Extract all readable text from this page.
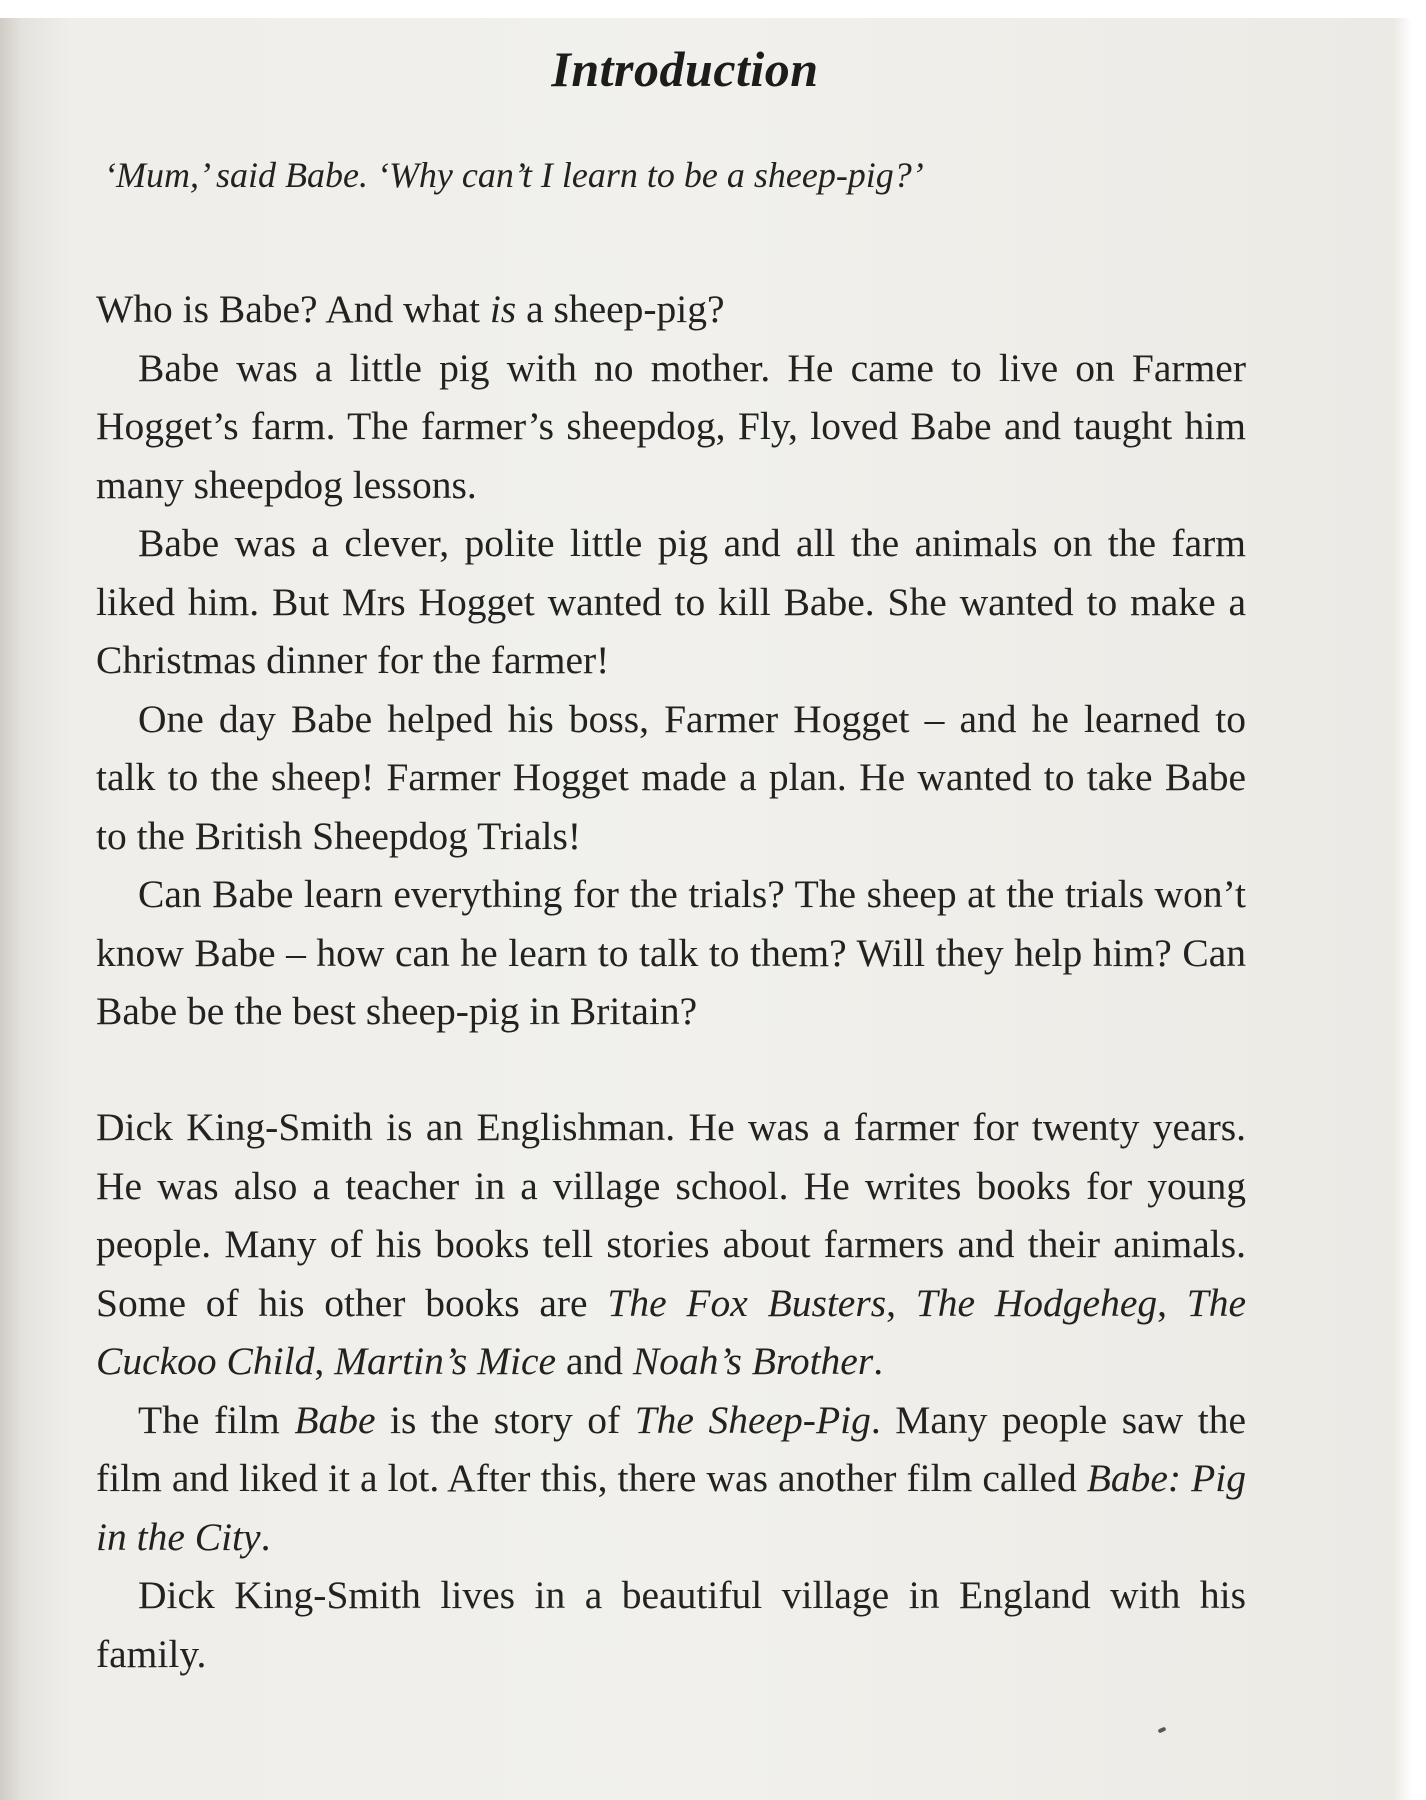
Introduction

‘Mum,’ said Babe. ‘Why can’t I learn to be a sheep-pig?’

Who is Babe? And what is a sheep-pig?

Babe was a little pig with no mother. He came to live on Farmer Hogget’s farm. The farmer’s sheepdog, Fly, loved Babe and taught him many sheepdog lessons.

Babe was a clever, polite little pig and all the animals on the farm liked him. But Mrs Hogget wanted to kill Babe. She wanted to make a Christmas dinner for the farmer!

One day Babe helped his boss, Farmer Hogget – and he learned to talk to the sheep! Farmer Hogget made a plan. He wanted to take Babe to the British Sheepdog Trials!

Can Babe learn everything for the trials? The sheep at the trials won’t know Babe – how can he learn to talk to them? Will they help him? Can Babe be the best sheep-pig in Britain?

Dick King-Smith is an Englishman. He was a farmer for twenty years. He was also a teacher in a village school. He writes books for young people. Many of his books tell stories about farmers and their animals. Some of his other books are The Fox Busters, The Hodgeheg, The Cuckoo Child, Martin’s Mice and Noah’s Brother.

The film Babe is the story of The Sheep-Pig. Many people saw the film and liked it a lot. After this, there was another film called Babe: Pig in the City.

Dick King-Smith lives in a beautiful village in England with his family.
